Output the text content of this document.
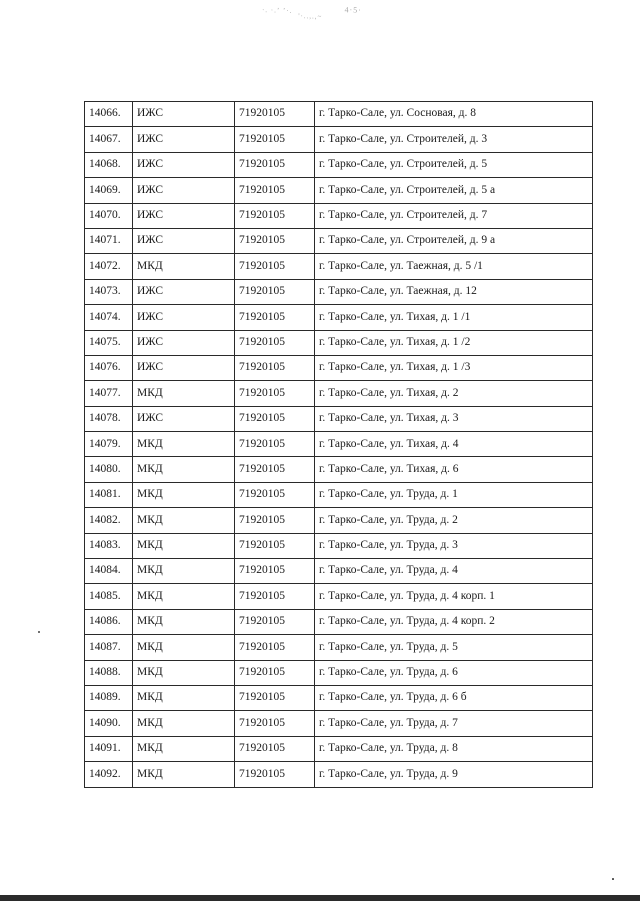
·. ·.ʼ ʼ·.'·..,.,~4·5·
14066.	ИЖС	71920105	г. Тарко-Сале, ул. Сосновая, д. 8
14067.	ИЖС	71920105	г. Тарко-Сале, ул. Строителей, д. 3
14068.	ИЖС	71920105	г. Тарко-Сале, ул. Строителей, д. 5
14069.	ИЖС	71920105	г. Тарко-Сале, ул. Строителей, д. 5 а
14070.	ИЖС	71920105	г. Тарко-Сале, ул. Строителей, д. 7
14071.	ИЖС	71920105	г. Тарко-Сале, ул. Строителей, д. 9 а
14072.	МКД	71920105	г. Тарко-Сале, ул. Таежная, д. 5 /1
14073.	ИЖС	71920105	г. Тарко-Сале, ул. Таежная, д. 12
14074.	ИЖС	71920105	г. Тарко-Сале, ул. Тихая, д. 1 /1
14075.	ИЖС	71920105	г. Тарко-Сале, ул. Тихая, д. 1 /2
14076.	ИЖС	71920105	г. Тарко-Сале, ул. Тихая, д. 1 /3
14077.	МКД	71920105	г. Тарко-Сале, ул. Тихая, д. 2
14078.	ИЖС	71920105	г. Тарко-Сале, ул. Тихая, д. 3
14079.	МКД	71920105	г. Тарко-Сале, ул. Тихая, д. 4
14080.	МКД	71920105	г. Тарко-Сале, ул. Тихая, д. 6
14081.	МКД	71920105	г. Тарко-Сале, ул. Труда, д. 1
14082.	МКД	71920105	г. Тарко-Сале, ул. Труда, д. 2
14083.	МКД	71920105	г. Тарко-Сале, ул. Труда, д. 3
14084.	МКД	71920105	г. Тарко-Сале, ул. Труда, д. 4
14085.	МКД	71920105	г. Тарко-Сале, ул. Труда, д. 4 корп. 1
14086.	МКД	71920105	г. Тарко-Сале, ул. Труда, д. 4 корп. 2
14087.	МКД	71920105	г. Тарко-Сале, ул. Труда, д. 5
14088.	МКД	71920105	г. Тарко-Сале, ул. Труда, д. 6
14089.	МКД	71920105	г. Тарко-Сале, ул. Труда, д. 6 б
14090.	МКД	71920105	г. Тарко-Сале, ул. Труда, д. 7
14091.	МКД	71920105	г. Тарко-Сале, ул. Труда, д. 8
14092.	МКД	71920105	г. Тарко-Сале, ул. Труда, д. 9
